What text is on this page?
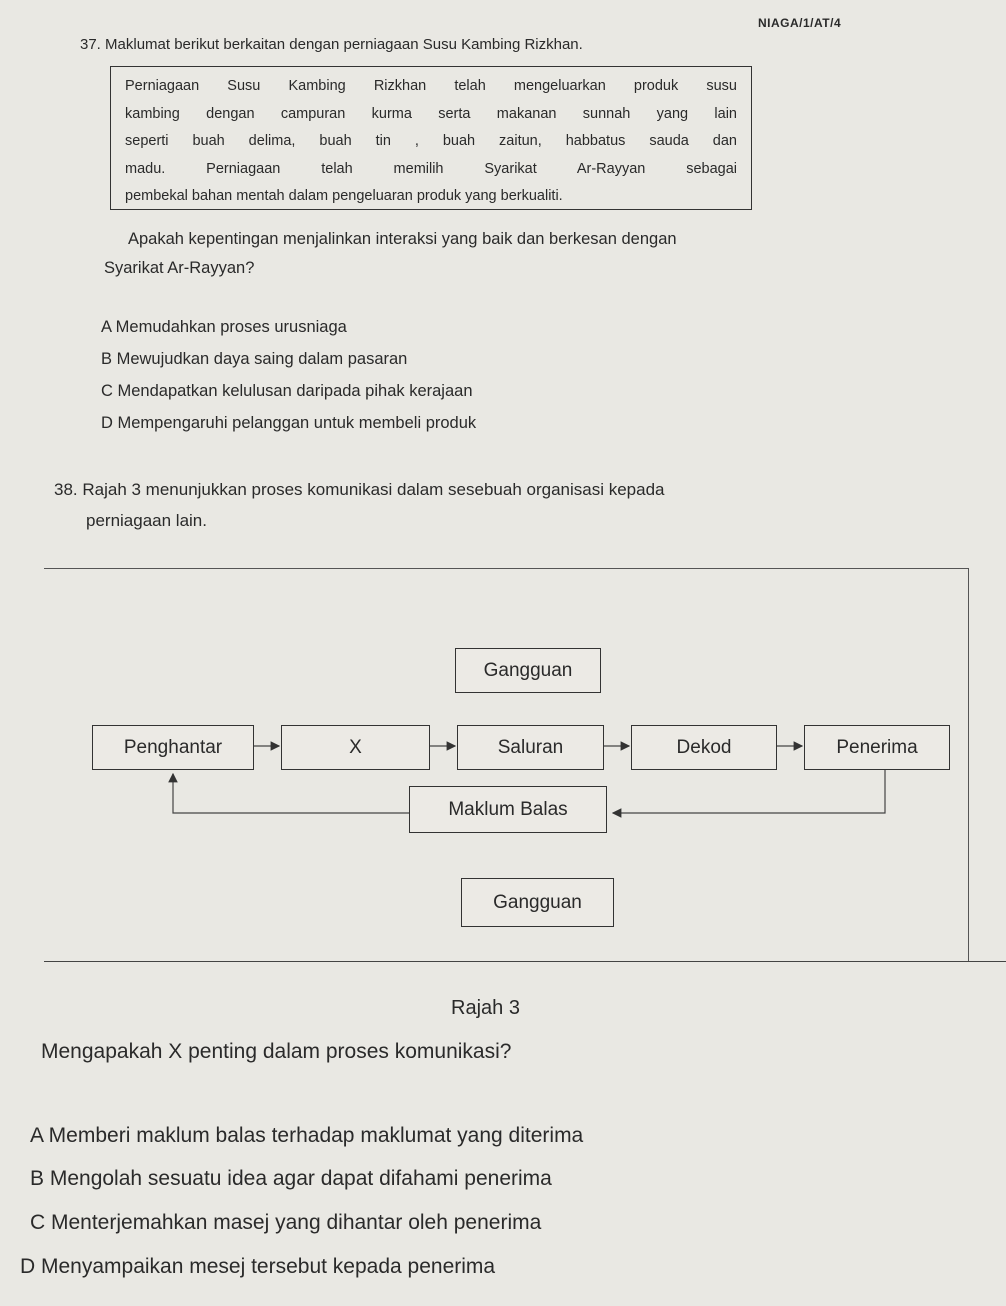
NIAGA/1/AT/4
37. Maklumat berikut berkaitan dengan perniagaan Susu Kambing Rizkhan.
Perniagaan Susu Kambing Rizkhan telah mengeluarkan produk susu
kambing dengan campuran kurma serta makanan sunnah yang lain
seperti buah delima, buah tin , buah zaitun, habbatus sauda dan
madu. Perniagaan telah memilih Syarikat Ar-Rayyan sebagai
pembekal bahan mentah dalam pengeluaran produk yang berkualiti.
Apakah kepentingan menjalinkan interaksi yang baik dan berkesan dengan
Syarikat Ar-Rayyan?
A Memudahkan proses urusniaga
B Mewujudkan daya saing dalam pasaran
C Mendapatkan kelulusan daripada pihak kerajaan
D Mempengaruhi pelanggan untuk membeli produk
38. Rajah 3 menunjukkan proses komunikasi dalam sesebuah organisasi kepada
perniagaan lain.
Gangguan
Penghantar	X	Saluran	Dekod	Penerima
Maklum Balas
Gangguan
Rajah 3
Mengapakah X penting dalam proses komunikasi?
A Memberi maklum balas terhadap maklumat yang diterima
B Mengolah sesuatu idea agar dapat difahami penerima
C Menterjemahkan masej yang dihantar oleh penerima
D Menyampaikan mesej tersebut kepada penerima
